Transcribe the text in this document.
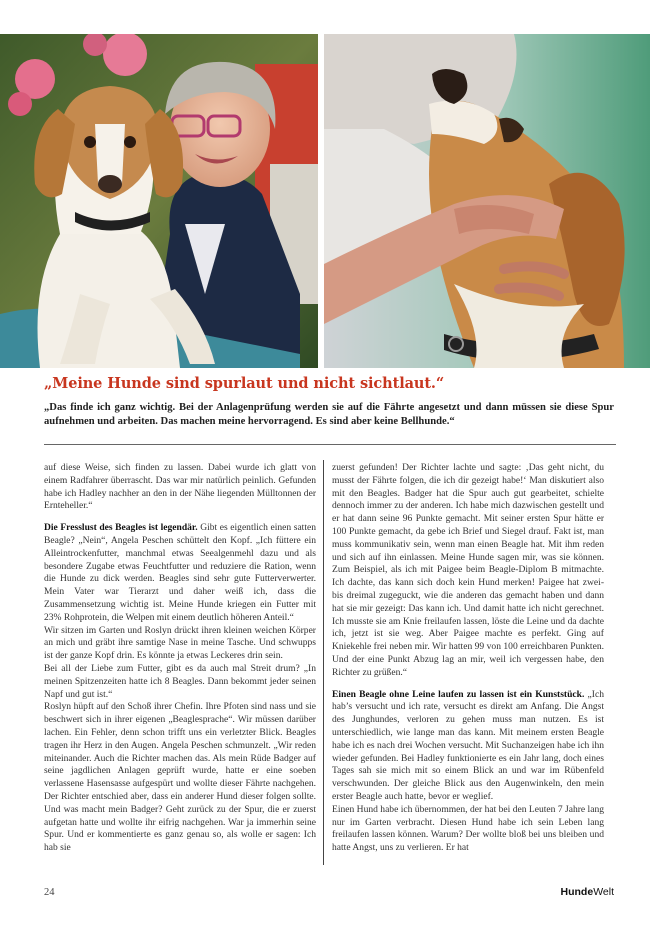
„Meine Hunde sind spurlaut und nicht sichtlaut.“
„Das finde ich ganz wichtig. Bei der Anlagenprüfung werden sie auf die Fährte angesetzt und dann müssen sie diese Spur aufnehmen und arbeiten. Das machen meine hervorragend. Es sind aber keine Bellhunde.“

auf diese Weise, sich finden zu lassen. Dabei wurde ich glatt von einem Radfahrer überrascht. Das war mir natürlich peinlich. Gefunden habe ich Hadley nachher an den in der Nähe liegenden Mülltonnen der Ernteheller.“

Die Fresslust des Beagles ist legendär. Gibt es eigentlich einen satten Beagle? „Nein“, Angela Peschen schüttelt den Kopf. „Ich füttere ein Alleintrockenfutter, manchmal etwas Seealgenmehl dazu und als besondere Zugabe etwas Feuchtfutter und reduziere die Ration, wenn die Hunde zu dick werden. Beagles sind sehr gute Futterverwerter. Mein Vater war Tierarzt und daher weiß ich, dass die Zusammensetzung wichtig ist. Meine Hunde kriegen ein Futter mit 23% Rohprotein, die Welpen mit einem deutlich höheren Anteil.“

Wir sitzen im Garten und Roslyn drückt ihren kleinen weichen Körper an mich und gräbt ihre samtige Nase in meine Tasche. Und schwupps ist der ganze Kopf drin. Es könnte ja etwas Leckeres drin sein.

Bei all der Liebe zum Futter, gibt es da auch mal Streit drum? „In meinen Spitzenzeiten hatte ich 8 Beagles. Dann bekommt jeder seinen Napf und gut ist.“

Roslyn hüpft auf den Schoß ihrer Chefin. Ihre Pfoten sind nass und sie beschwert sich in ihrer eigenen „Beaglesprache“. Wir müssen darüber lachen. Ein Fehler, denn schon trifft uns ein verletzter Blick. Beagles tragen ihr Herz in den Augen. Angela Peschen schmunzelt. „Wir reden miteinander. Auch die Richter machen das. Als mein Rüde Badger auf seine jagdlichen Anlagen geprüft wurde, hatte er eine soeben verlassene Hasensasse aufgespürt und wollte dieser Fährte nachgehen. Der Richter entschied aber, dass ein anderer Hund dieser folgen sollte. Und was macht mein Badger? Geht zurück zu der Spur, die er zuerst aufgetan hatte und wollte ihr eifrig nachgehen. War ja immerhin seine Spur. Und er kommentierte es ganz genau so, als wolle er sagen: Ich hab sie

zuerst gefunden! Der Richter lachte und sagte: ‚Das geht nicht, du musst der Fährte folgen, die ich dir gezeigt habe!‘ Man diskutiert also mit den Beagles. Badger hat die Spur auch gut gearbeitet, schielte dennoch immer zu der anderen. Ich habe mich dazwischen gestellt und er hat dann seine 96 Punkte gemacht. Mit seiner ersten Spur hätte er 100 Punkte gemacht, da gebe ich Brief und Siegel drauf. Fakt ist, man muss kommunikativ sein, wenn man einen Beagle hat. Mit ihm reden und sich auf ihn einlassen. Meine Hunde sagen mir, was sie können. Zum Beispiel, als ich mit Paigee beim Beagle-Diplom B mitmachte. Ich dachte, das kann sich doch kein Hund merken! Paigee hat zwei- bis dreimal zugeguckt, wie die anderen das gemacht haben und dann hat sie mir gezeigt: Das kann ich. Und damit hatte ich nicht gerechnet. Ich musste sie am Knie freilaufen lassen, löste die Leine und da dachte ich, jetzt ist sie weg. Aber Paigee machte es perfekt. Ging auf Kniekehle frei neben mir. Wir hatten 99 von 100 erreichbaren Punkten. Und der eine Punkt Abzug lag an mir, weil ich vergessen habe, den Richter zu grüßen.“

Einen Beagle ohne Leine laufen zu lassen ist ein Kunststück. „Ich hab’s versucht und ich rate, versucht es direkt am Anfang. Die Angst des Junghundes, verloren zu gehen muss man nutzen. Es ist unterschiedlich, wie lange man das kann. Mit meinem ersten Beagle habe ich es nach drei Wochen versucht. Mit Suchanzeigen habe ich ihn wieder gefunden. Bei Hadley funktionierte es ein Jahr lang, doch eines Tages sah sie mich mit so einem Blick an und war im Rübenfeld verschwunden. Der gleiche Blick aus den Augenwinkeln, den mein erster Beagle auch hatte, bevor er weglief.

Einen Hund habe ich übernommen, der hat bei den Leuten 7 Jahre lang nur im Garten verbracht. Diesen Hund habe ich sein Leben lang freilaufen lassen können. Warum? Der wollte bloß bei uns bleiben und hatte Angst, uns zu verlieren. Er hat

24	HundeWelt
